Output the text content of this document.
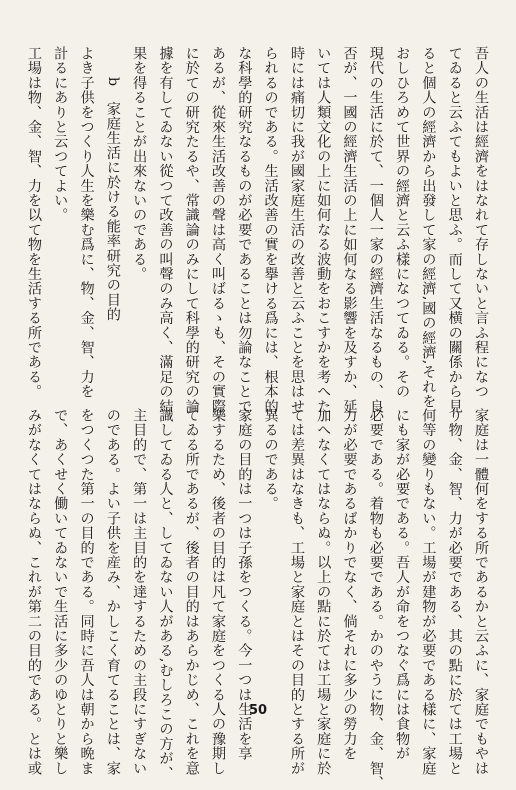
吾人の生活は經濟をはなれて存しないと言ふ程になつ
てゐると云ふてもよいと思ふ。而して又横の關係から見
ると個人の經濟から出發して家の經濟,國の經濟,それを
おしひろめて世界の經濟と云ふ樣になつてゐる。その
現代の生活に於て、一個人一家の經濟生活なるもの、良
否が、一國の經濟生活の上に如何なる影響を及すか、延
いては人類文化の上に如何なる波動をおこすかを考へた
時には痛切に我が國家庭生活の改善と云ふことを思はせ
られるのである。生活改善の實を擧ける爲には、根本的
な科學的研究なるものが必要であることは勿論なことで
あるが、從來生活改善の聲は高く叫ばるゝも、その實際
に於ての研究たるや、常識論のみにして科學的研究の論
據を有してゐない從つて改善の叫聲のみ高く、滿足の結
果を得ることが出來ないのである。
b　家庭生活に於ける能率研究の目的
よき子供をつくり人生を樂む爲に、物、金、智、力を
計るにありと云つてよい。
工場は物、金、智、力を以て物を生活する所である。
家庭は一體何をする所であるかと云ふに、家庭でもやは
り物、金、智、力が必要である、其の點に於ては工場と
何等の變りもない。工場が建物が必要である樣に、家庭
にも家が必要である。吾人が命をつなぐ爲には食物が
必要である。着物も必要である。かのやうに物、金、智、
力が必要であるばかりでなく、倘それに多少の勞力を
加へなくてはならぬ。以上の點に於ては工場と家庭に於
ては差異はなきも、工場と家庭とはその目的とする所が
異るのである。
家庭の目的は一つは子孫をつくる。今一つは生活を享
樂するため、後者の目的は凡て家庭をつくる人の豫期し
てゐる所であるが、後者の目的はあらかじめ、これを意
識してゐる人と、してゐない人がある,むしろこの方が、
主目的で、第一は主目的を達するための主段にすぎない
のである。よい子供を産み、かしこく育てることは、家
をつくつた第一の目的である。同時に吾人は朝から晩ま
で、あくせく働いてゐないで生活に多少のゆとりと樂し
みがなくてはならぬ、これが第二の目的である。とは或	50
